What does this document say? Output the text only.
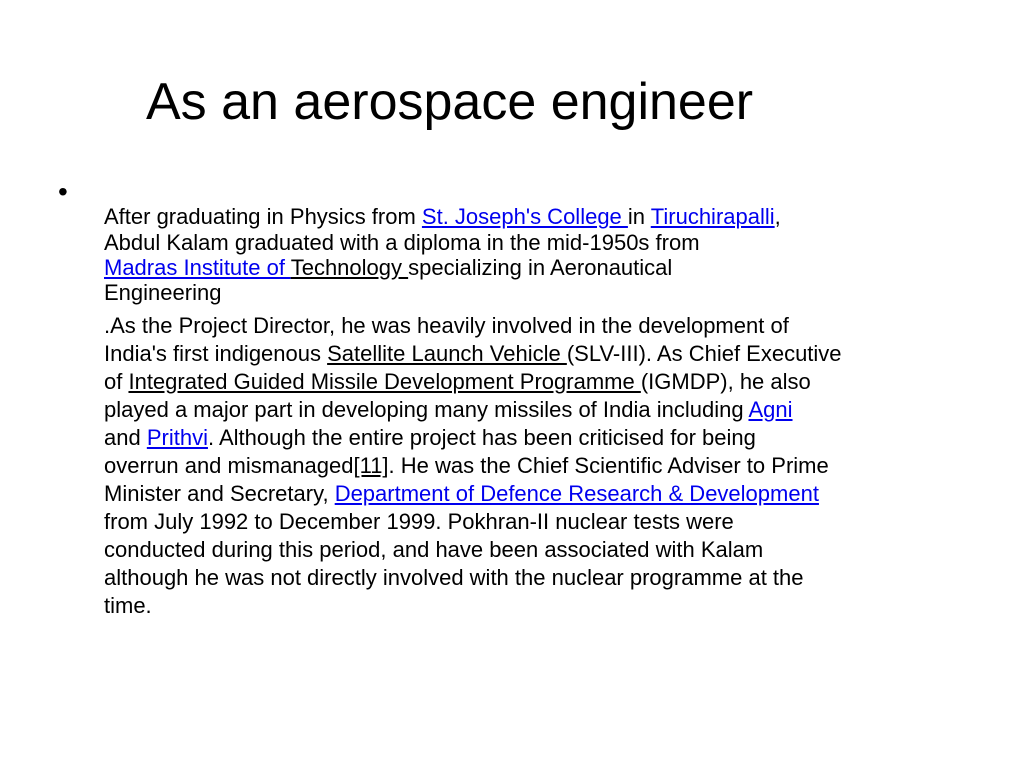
As an aerospace engineer
•
After graduating in Physics from St. Joseph's College in Tiruchirapalli,
Abdul Kalam graduated with a diploma in the mid-1950s from
Madras Institute of Technology specializing in Aeronautical
Engineering
.As the Project Director, he was heavily involved in the development of
India's first indigenous Satellite Launch Vehicle (SLV-III). As Chief Executive
of Integrated Guided Missile Development Programme (IGMDP), he also
played a major part in developing many missiles of India including Agni
and Prithvi. Although the entire project has been criticised for being
overrun and mismanaged[11]. He was the Chief Scientific Adviser to Prime
Minister and Secretary, Department of Defence Research & Development
from July 1992 to December 1999. Pokhran-II nuclear tests were
conducted during this period, and have been associated with Kalam
although he was not directly involved with the nuclear programme at the
time.
